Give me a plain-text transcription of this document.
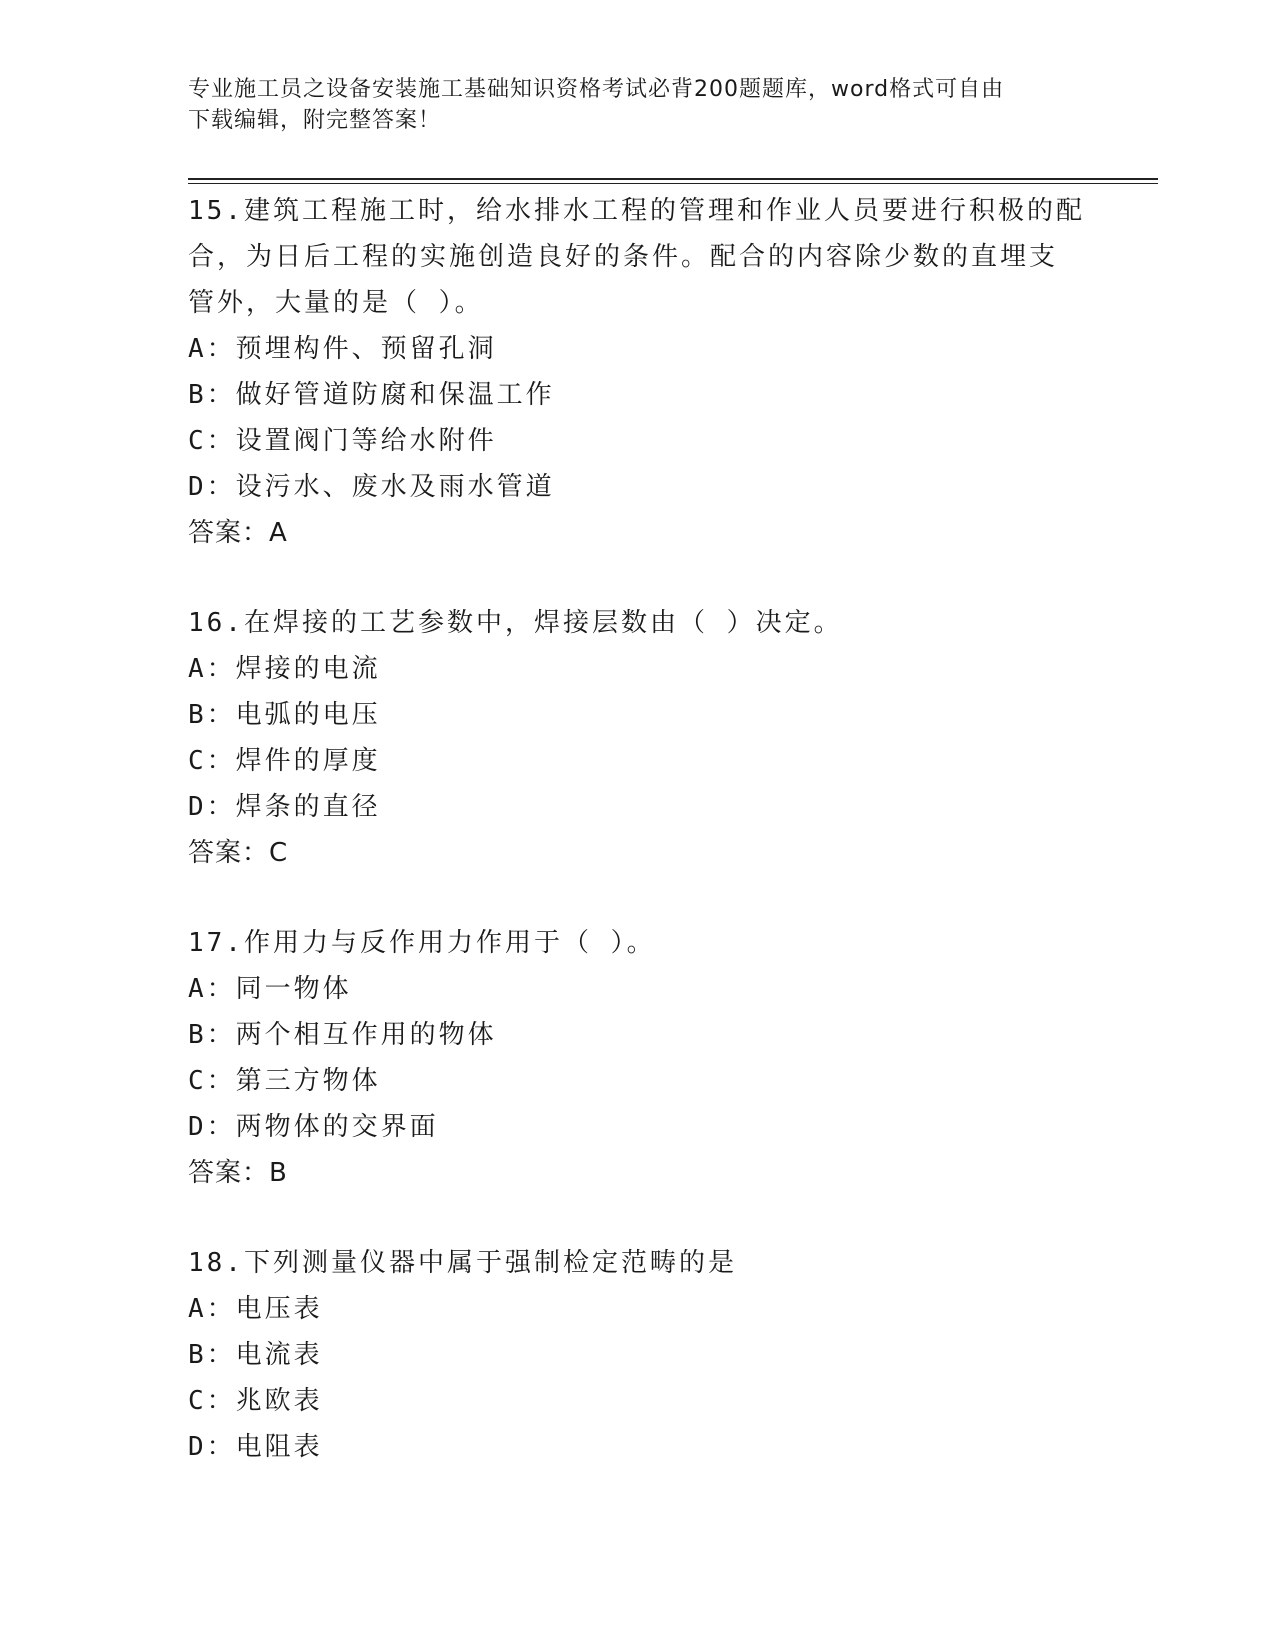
专业施工员之设备安装施工基础知识资格考试必背200题题库，word格式可自由
下载编辑，附完整答案！

15.建筑工程施工时，给水排水工程的管理和作业人员要进行积极的配

合，为日后工程的实施创造良好的条件。配合的内容除少数的直埋支

管外，大量的是（ ）。

A：预埋构件、预留孔洞

B：做好管道防腐和保温工作

C：设置阀门等给水附件

D：设污水、废水及雨水管道

答案：A

16.在焊接的工艺参数中，焊接层数由（ ）决定。

A：焊接的电流

B：电弧的电压

C：焊件的厚度

D：焊条的直径

答案：C

17.作用力与反作用力作用于（ ）。

A：同一物体

B：两个相互作用的物体

C：第三方物体

D：两物体的交界面

答案：B

18.下列测量仪器中属于强制检定范畴的是

A：电压表

B：电流表

C：兆欧表

D：电阻表
